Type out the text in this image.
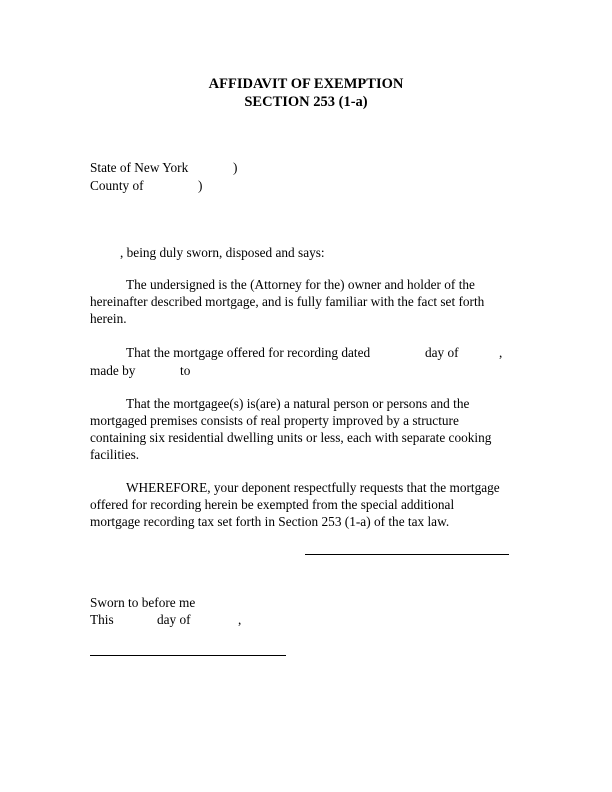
AFFIDAVIT OF EXEMPTION
SECTION 253 (1-a)
State of New York	)
County of	)
, being duly sworn, disposed and says:
The undersigned is the (Attorney for the) owner and holder of the
hereinafter described mortgage, and is fully familiar with the fact set forth
herein.
That the mortgage offered for recording dated	day of	,
made by	to
That the mortgagee(s) is(are) a natural person or persons and the
mortgaged premises consists of real property improved by a structure
containing six residential dwelling units or less, each with separate cooking
facilities.
WHEREFORE, your deponent respectfully requests that the mortgage
offered for recording herein be exempted from the special additional
mortgage recording tax set forth in Section 253 (1-a) of the tax law.
Sworn to before me
This	day of	,
